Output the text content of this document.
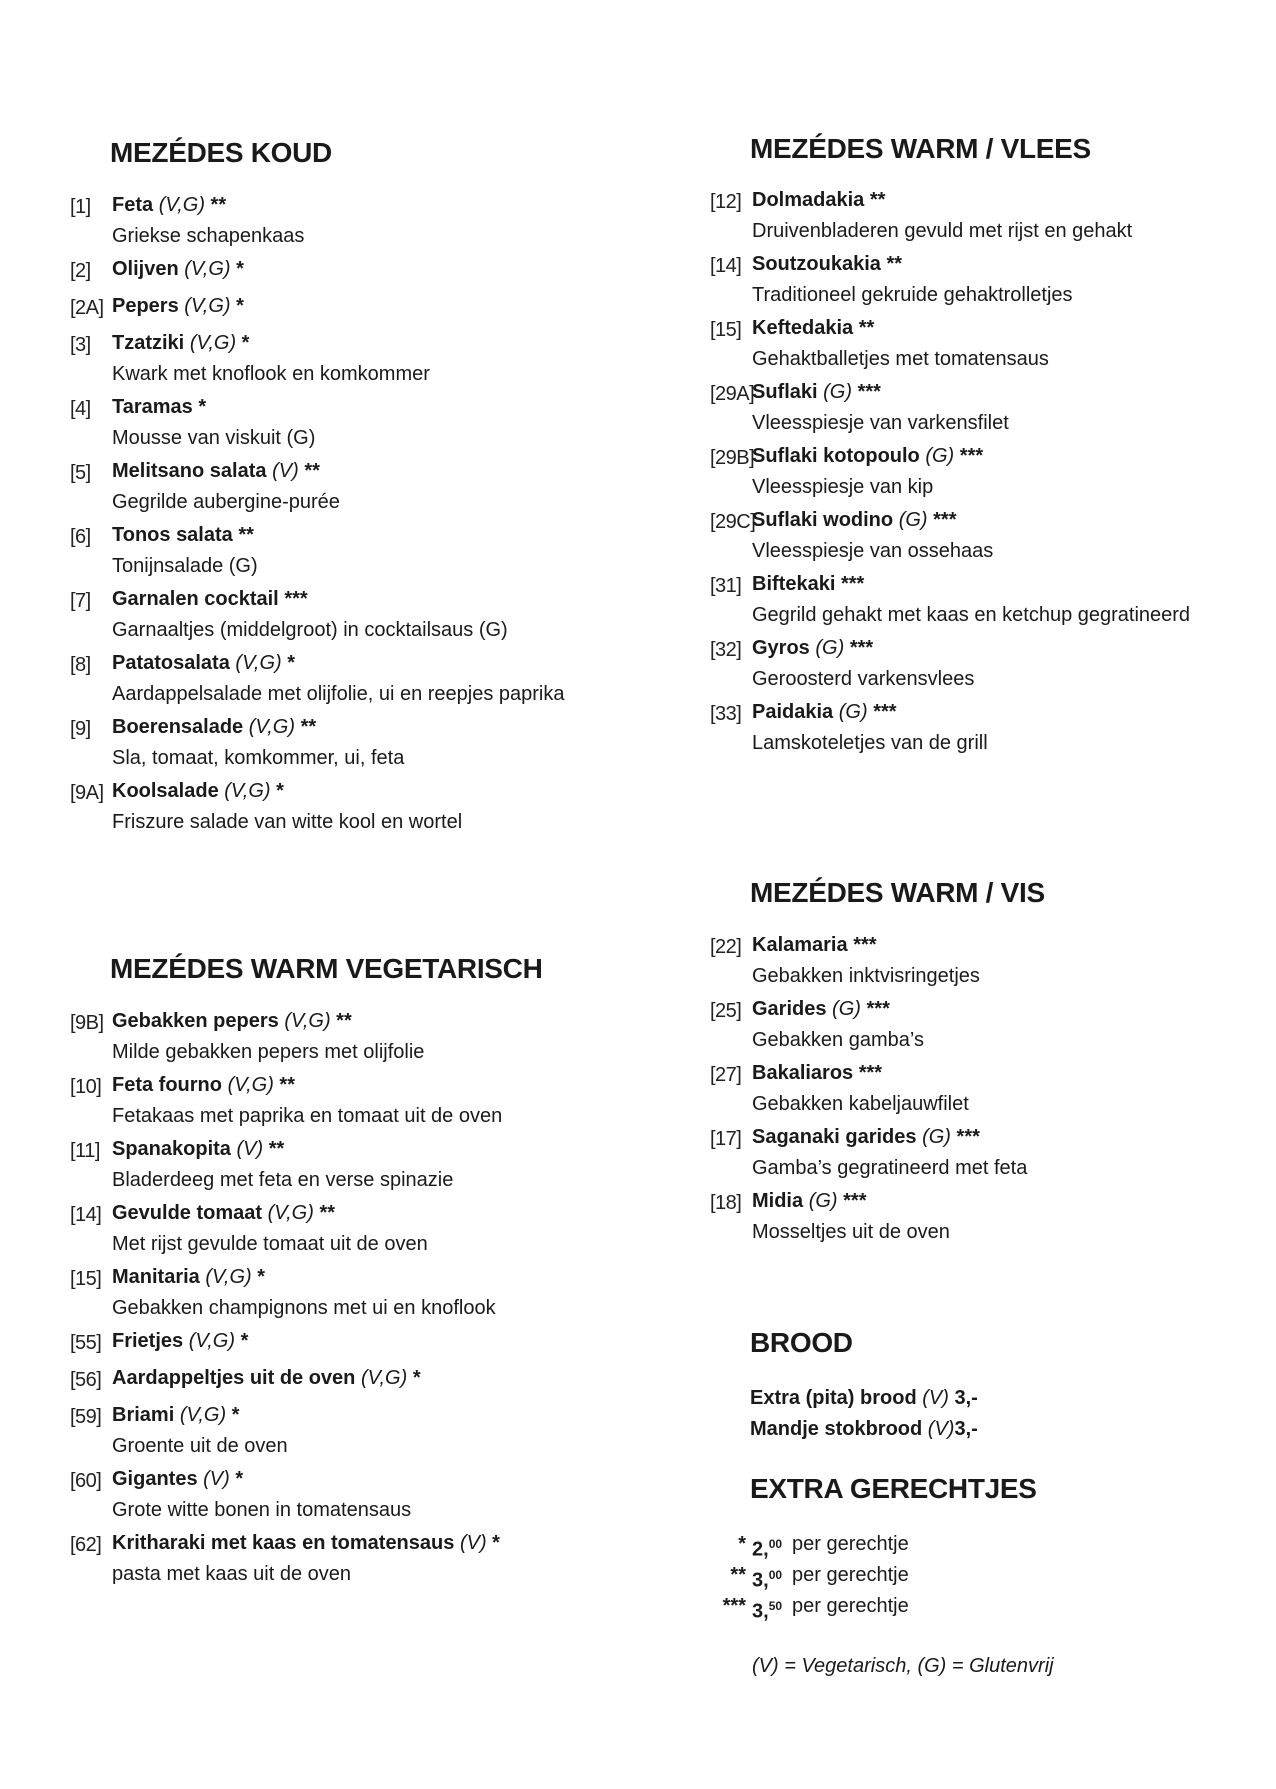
MEZÉDES KOUD
[1]	Feta (V,G) **
Griekse schapenkaas
[2]	Olijven (V,G) *
[2A] Pepers (V,G) *
[3]	Tzatziki (V,G) *
Kwark met knoflook en komkommer
[4]	Taramas *
Mousse van viskuit (G)
[5]	Melitsano salata (V) **
Gegrilde aubergine-purée
[6]	Tonos salata **
Tonijnsalade (G)
[7]	Garnalen cocktail ***
Garnaaltjes (middelgroot) in cocktailsaus (G)
[8]	Patatosalata (V,G) *
Aardappelsalade met olijfolie, ui en reepjes paprika
[9]	Boerensalade (V,G) **
Sla, tomaat, komkommer, ui, feta
[9A] Koolsalade (V,G) *
Friszure salade van witte kool en wortel
MEZÉDES WARM VEGETARISCH
[9B] Gebakken pepers (V,G) **
Milde gebakken pepers met olijfolie
[10] Feta fourno (V,G) **
Fetakaas met paprika en tomaat uit de oven
[11] Spanakopita (V) **
Bladerdeeg met feta en verse spinazie
[14] Gevulde tomaat (V,G) **
Met rijst gevulde tomaat uit de oven
[15] Manitaria (V,G) *
Gebakken champignons met ui en knoflook
[55] Frietjes (V,G) *
[56] Aardappeltjes uit de oven (V,G) *
[59] Briami (V,G) *
Groente uit de oven
[60] Gigantes (V) *
Grote witte bonen in tomatensaus
[62] Kritharaki met kaas en tomatensaus (V) *
pasta met kaas uit de oven
MEZÉDES WARM / VLEES
[12] Dolmadakia **
Druivenbladeren gevuld met rijst en gehakt
[14] Soutzoukakia **
Traditioneel gekruide gehaktrolletjes
[15] Keftedakia **
Gehaktballetjes met tomatensaus
[29A]
Suflaki (G) ***
Vleesspiesje van varkensfilet
[29B]
Suflaki kotopoulo (G) ***
Vleesspiesje van kip
[29C]
Suflaki wodino (G) ***
Vleesspiesje van ossehaas
[31] Biftekaki ***
Gegrild gehakt met kaas en ketchup gegratineerd
[32] Gyros (G) ***
Geroosterd varkensvlees
[33] Paidakia (G) ***
Lamskoteletjes van de grill
MEZÉDES WARM / VIS
[22] Kalamaria ***
Gebakken inktvisringetjes
[25] Garides (G) ***
Gebakken gamba’s
[27] Bakaliaros ***
Gebakken kabeljauwfilet
[17] Saganaki garides (G) ***
Gamba’s gegratineerd met feta
[18] Midia (G) ***
Mosseltjes uit de oven
BROOD
Extra (pita) brood (V) 3,-
Mandje stokbrood (V)3,-
EXTRA GERECHTJES
* 2,00 per gerechtje
** 3,00 per gerechtje
*** 3,50 per gerechtje
(V) = Vegetarisch, (G) = Glutenvrij
